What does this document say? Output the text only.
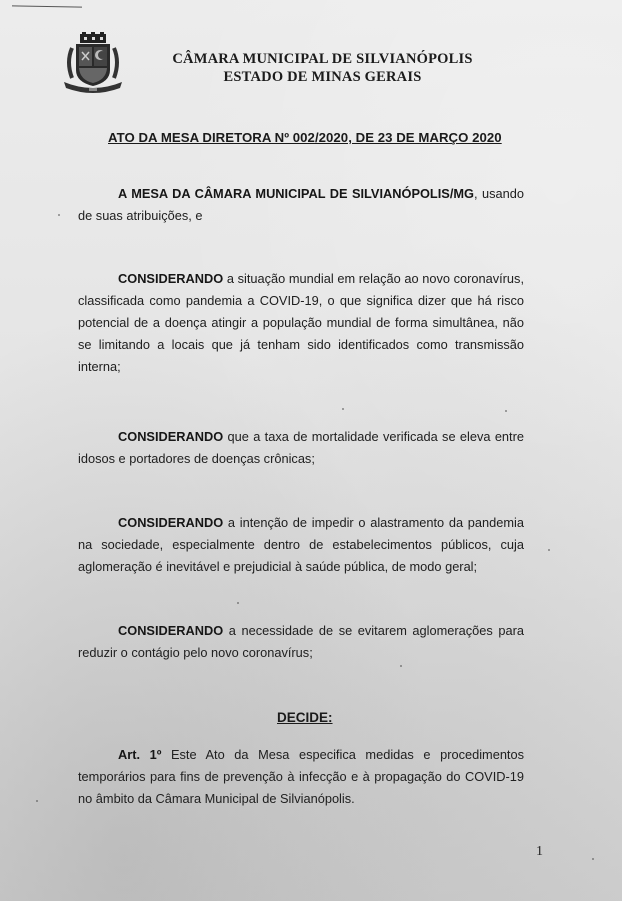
CÂMARA MUNICIPAL DE SILVIANÓPOLIS
ESTADO DE MINAS GERAIS
ATO DA MESA DIRETORA Nº 002/2020, DE 23 DE MARÇO 2020
A MESA DA CÂMARA MUNICIPAL DE SILVIANÓPOLIS/MG, usando de suas atribuições, e
CONSIDERANDO a situação mundial em relação ao novo coronavírus, classificada como pandemia a COVID-19, o que significa dizer que há risco potencial de a doença atingir a população mundial de forma simultânea, não se limitando a locais que já tenham sido identificados como transmissão interna;
CONSIDERANDO que a taxa de mortalidade verificada se eleva entre idosos e portadores de doenças crônicas;
CONSIDERANDO a intenção de impedir o alastramento da pandemia na sociedade, especialmente dentro de estabelecimentos públicos, cuja aglomeração é inevitável e prejudicial à saúde pública, de modo geral;
CONSIDERANDO a necessidade de se evitarem aglomerações para reduzir o contágio pelo novo coronavírus;
DECIDE:
Art. 1º Este Ato da Mesa especifica medidas e procedimentos temporários para fins de prevenção à infecção e à propagação do COVID-19 no âmbito da Câmara Municipal de Silvianópolis.
1
